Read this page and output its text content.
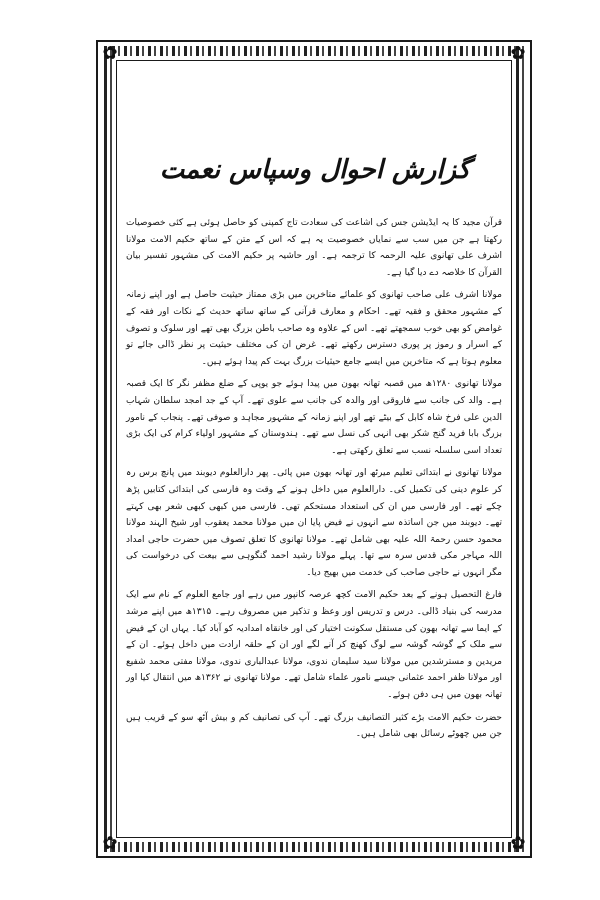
✿	✿
✿	✿
گزارش احوال وسپاس نعمت

قرآن مجید کا یہ ایڈیشن جس کی اشاعت کی سعادت تاج کمپنی کو حاصل ہوئی ہے کئی خصوصیات رکھتا ہے جن میں سب سے نمایاں خصوصیت یہ ہے کہ اس کے متن کے ساتھ حکیم الامت مولانا اشرف علی تھانوی علیہ الرحمہ کا ترجمہ ہے۔ اور حاشیہ پر حکیم الامت کی مشہور تفسیر بیان القرآن کا خلاصہ دے دیا گیا ہے۔

مولانا اشرف علی صاحب تھانوی کو علمائے متاخرین میں بڑی ممتاز حیثیت حاصل ہے اور اپنے زمانہ کے مشہور محقق و فقیہ تھے۔ احکام و معارف قرآنی کے ساتھ ساتھ حدیث کے نکات اور فقہ کے غوامض کو بھی خوب سمجھتے تھے۔ اس کے علاوہ وہ صاحب باطن بزرگ بھی تھے اور سلوک و تصوف کے اسرار و رموز پر پوری دسترس رکھتے تھے۔ غرض ان کی مختلف حیثیت پر نظر ڈالی جائے تو معلوم ہوتا ہے کہ متاخرین میں ایسے جامع حیثیات بزرگ بہت کم پیدا ہوئے ہیں۔

مولانا تھانوی ۱۲۸۰ھ میں قصبہ تھانہ بھون میں پیدا ہوئے جو یوپی کے ضلع مظفر نگر کا ایک قصبہ ہے۔ والد کی جانب سے فاروقی اور والدہ کی جانب سے علوی تھے۔ آپ کے جد امجد سلطان شہاب الدین علی فرخ شاہ کابل کے بیٹے تھے اور اپنے زمانہ کے مشہور مجاہد و صوفی تھے۔ پنجاب کے نامور بزرگ بابا فرید گنج شکر بھی انہی کی نسل سے تھے۔ ہندوستان کے مشہور اولیاء کرام کی ایک بڑی تعداد اسی سلسلہ نسب سے تعلق رکھتی ہے۔

مولانا تھانوی نے ابتدائی تعلیم میرٹھ اور تھانہ بھون میں پائی۔ پھر دارالعلوم دیوبند میں پانچ برس رہ کر علوم دینی کی تکمیل کی۔ دارالعلوم میں داخل ہونے کے وقت وہ فارسی کی ابتدائی کتابیں پڑھ چکے تھے۔ اور فارسی میں ان کی استعداد مستحکم تھی۔ فارسی میں کبھی کبھی شعر بھی کہتے تھے۔ دیوبند میں جن اساتذہ سے انہوں نے فیض پایا ان میں مولانا محمد یعقوب اور شیخ الہند مولانا محمود حسن رحمۃ اللہ علیہ بھی شامل تھے۔ مولانا تھانوی کا تعلق تصوف میں حضرت حاجی امداد اللہ مہاجر مکی قدس سرہ سے تھا۔ پہلے مولانا رشید احمد گنگوہی سے بیعت کی درخواست کی مگر انہوں نے حاجی صاحب کی خدمت میں بھیج دیا۔

فارغ التحصیل ہونے کے بعد حکیم الامت کچھ عرصہ کانپور میں رہے اور جامع العلوم کے نام سے ایک مدرسہ کی بنیاد ڈالی۔ درس و تدریس اور وعظ و تذکیر میں مصروف رہے۔ ۱۳۱۵ھ میں اپنے مرشد کے ایما سے تھانہ بھون کی مستقل سکونت اختیار کی اور خانقاہ امدادیہ کو آباد کیا۔ یہاں ان کے فیض سے ملک کے گوشہ گوشہ سے لوگ کھنچ کر آنے لگے اور ان کے حلقہ ارادت میں داخل ہوئے۔ ان کے مریدین و مسترشدین میں مولانا سید سلیمان ندوی، مولانا عبدالباری ندوی، مولانا مفتی محمد شفیع اور مولانا ظفر احمد عثمانی جیسے نامور علماء شامل تھے۔ مولانا تھانوی نے ۱۳۶۲ھ میں انتقال کیا اور تھانہ بھون میں ہی دفن ہوئے۔

حضرت حکیم الامت بڑے کثیر التصانیف بزرگ تھے۔ آپ کی تصانیف کم و بیش آٹھ سو کے قریب ہیں جن میں چھوٹے رسائل بھی شامل ہیں۔
